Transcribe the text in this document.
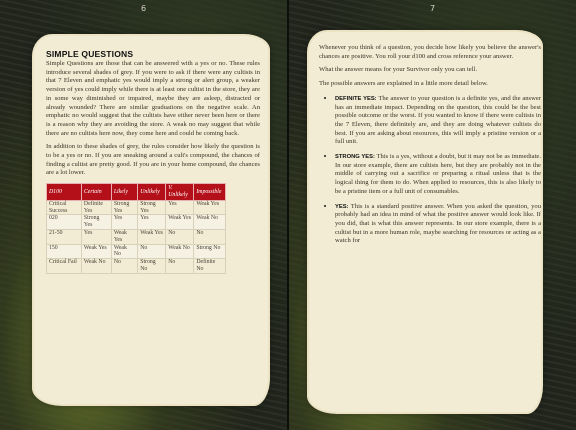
6
SIMPLE QUESTIONS

Simple Questions are those that can be answered with a yes or no. These rules introduce several shades of grey. If you were to ask if there were any cultists in that 7 Eleven and emphatic yes would imply a strong or alert group, a weaker version of yes could imply while there is at least one cultist in the store, they are in some way diminished or impaired, maybe they are asleep, distracted or already wounded? There are similar graduations on the negative scale. An emphatic no would suggest that the cultists have either never been here or there is a reason why they are avoiding the store. A weak no may suggest that while there are no cultists here now, they come here and could be coming back.

In addition to these shades of grey, the rules consider how likely the question is to be a yes or no. If you are sneaking around a cult's compound, the chances of finding a cultist are pretty good. If you are in your home compound, the chances are a lot lower.

D100	Certain	Likely	Unlikely	V. Unlikely	Impossible
Critical Success	Definite Yes	Strong Yes	Strong Yes	Yes	Weak Yes
020	Strong Yes	Yes	Yes	Weak Yes	Weak No
21-50	Yes	Weak Yes	Weak Yes	No	No
150	Weak Yes	Weak No	No	Weak No	Strong No
Critical Fail	Weak No	No	Strong No	No	Definite No
7

Whenever you think of a question, you decide how likely you believe the answer's chances are positive. You roll your d100 and cross reference your answer.

What the answer means for your Survivor only you can tell.

The possible answers are explained in a little more detail below.

• DEFINITE YES: The answer to your question is a definite yes, and the answer has an immediate impact. Depending on the question, this could be the best possible outcome or the worst. If you wanted to know if there were cultists in the 7 Eleven, there definitely are, and they are doing whatever cultists do best. If you are asking about resources, this will imply a pristine version or a full unit.
• STRONG YES: This is a yes, without a doubt, but it may not be as immediate. In our store example, there are cultists here, but they are probably not in the middle of carrying out a sacrifice or preparing a ritual unless that is the logical thing for them to do. When applied to resources, this is also likely to be a pristine item or a full unit of consumables.
• YES: This is a standard positive answer. When you asked the question, you probably had an idea in mind of what the positive answer would look like. If you did, that is what this answer represents. In our store example, there is a cultist but in a more human role, maybe searching for resources or acting as a watch for
